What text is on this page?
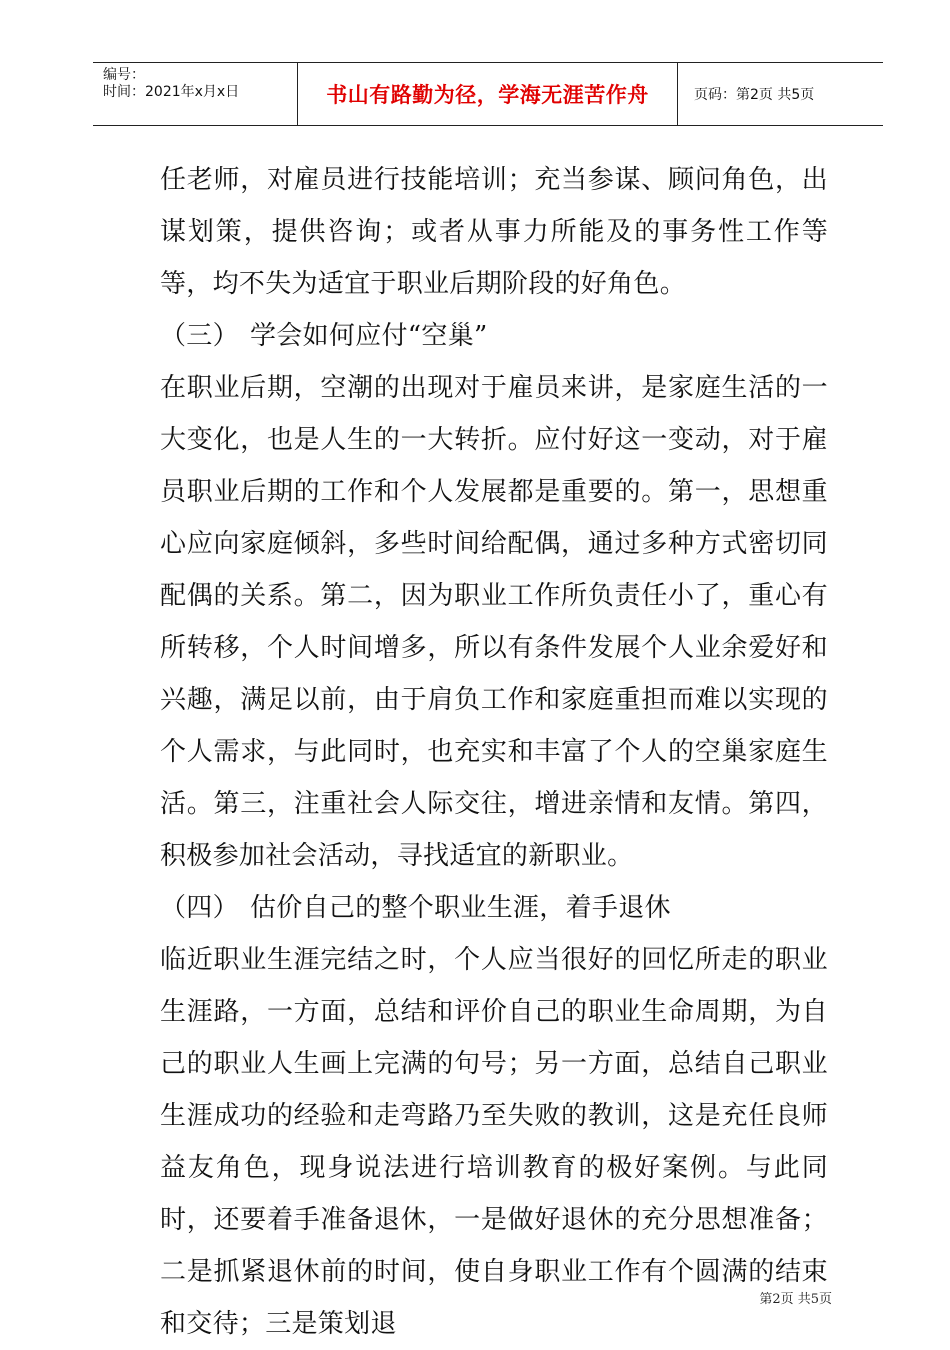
编号：
时间：2021年x月x日	书山有路勤为径，学海无涯苦作舟	页码：第2页 共5页

任老师，对雇员进行技能培训；充当参谋、顾问角色，出谋划策，提供咨询；或者从事力所能及的事务性工作等等，均不失为适宜于职业后期阶段的好角色。

（三） 学会如何应付“空巢”

在职业后期，空潮的出现对于雇员来讲，是家庭生活的一大变化，也是人生的一大转折。应付好这一变动，对于雇员职业后期的工作和个人发展都是重要的。第一，思想重心应向家庭倾斜，多些时间给配偶，通过多种方式密切同配偶的关系。第二，因为职业工作所负责任小了，重心有所转移，个人时间增多，所以有条件发展个人业余爱好和兴趣，满足以前，由于肩负工作和家庭重担而难以实现的个人需求，与此同时，也充实和丰富了个人的空巢家庭生活。第三，注重社会人际交往，增进亲情和友情。第四，积极参加社会活动，寻找适宜的新职业。

（四） 估价自己的整个职业生涯，着手退休

临近职业生涯完结之时，个人应当很好的回忆所走的职业生涯路，一方面，总结和评价自己的职业生命周期，为自己的职业人生画上完满的句号；另一方面，总结自己职业生涯成功的经验和走弯路乃至失败的教训，这是充任良师益友角色，现身说法进行培训教育的极好案例。与此同时，还要着手准备退休，一是做好退休的充分思想准备；二是抓紧退休前的时间，使自身职业工作有个圆满的结束和交待；三是策划退

第2页 共5页
